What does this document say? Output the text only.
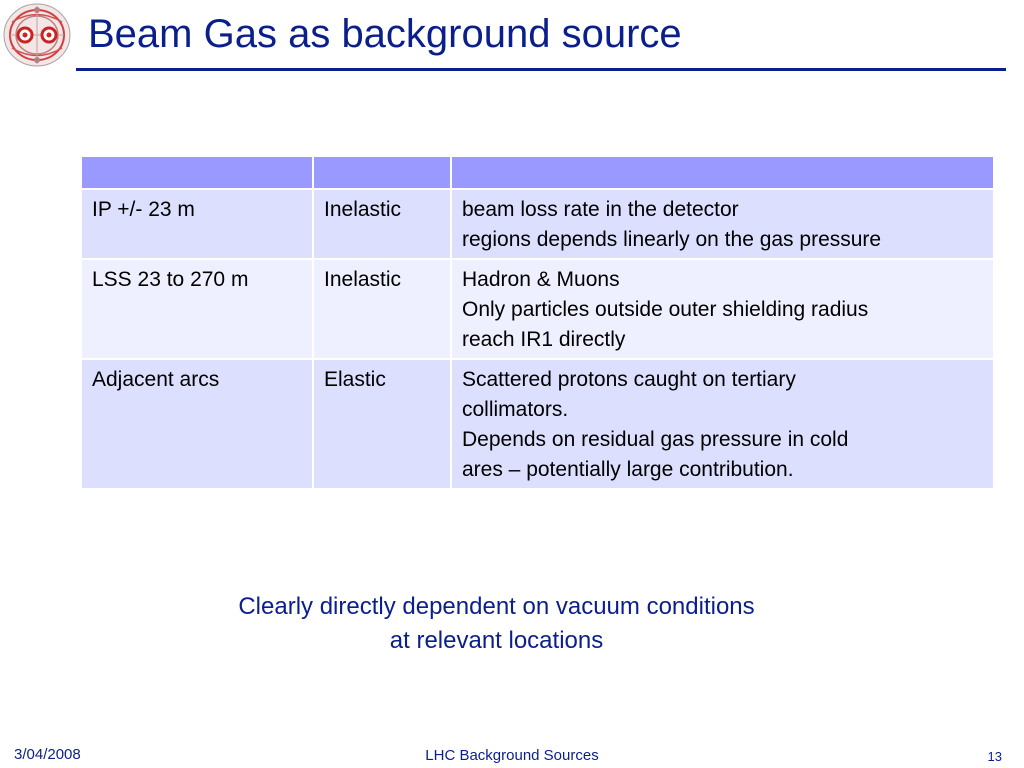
Beam Gas as background source

IP +/- 23 m	Inelastic	beam loss rate in the detector
regions depends linearly on the gas pressure

LSS 23 to 270 m	Inelastic	Hadron & Muons
Only particles outside outer shielding radius
reach IR1 directly

Adjacent arcs	Elastic	Scattered protons caught on tertiary
collimators.
Depends on residual gas pressure in cold
ares – potentially large contribution.
Clearly directly dependent on vacuum conditions
at relevant locations
3/04/2008	LHC Background Sources	13
